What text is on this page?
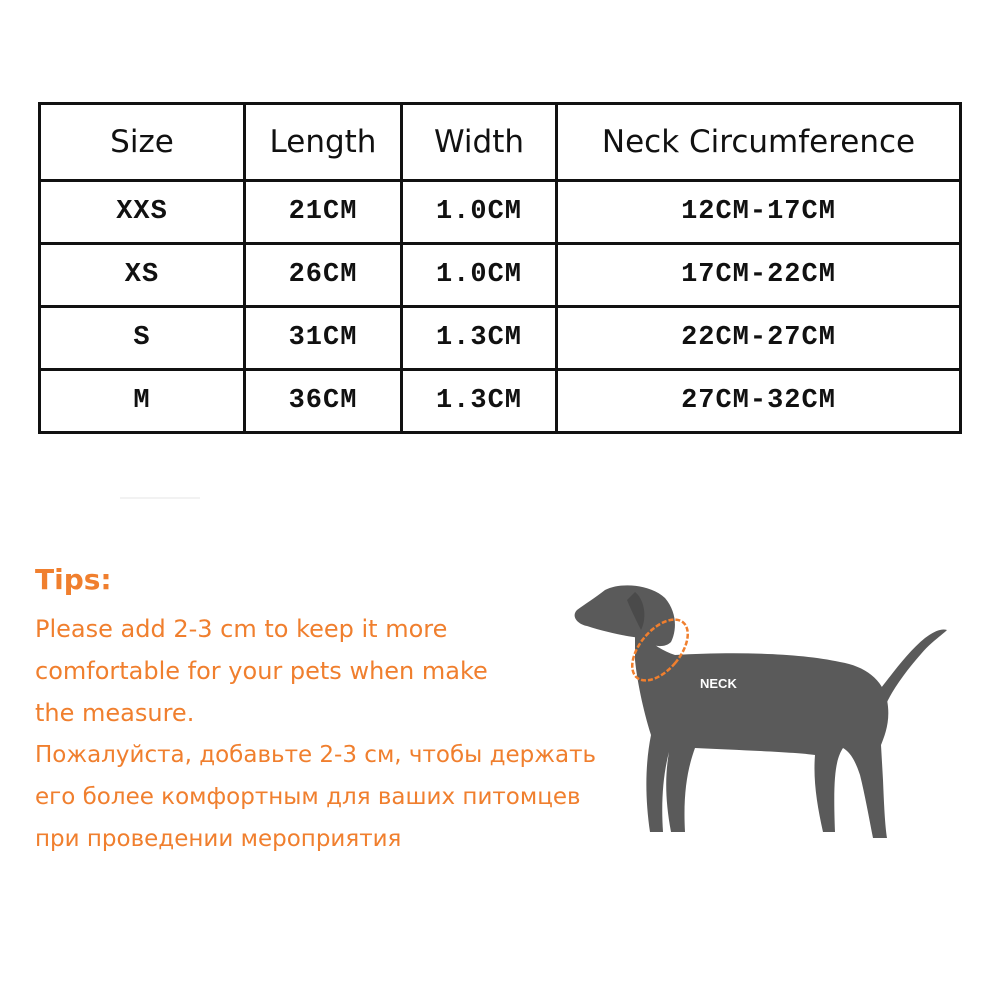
Size	Length	Width	Neck Circumference
XXS	21CM	1.0CM	12CM-17CM
XS	26CM	1.0CM	17CM-22CM
S	31CM	1.3CM	22CM-27CM
M	36CM	1.3CM	27CM-32CM

Tips:

Please add 2-3 cm to keep it more

comfortable for your pets when make

the measure.

Пожалуйста, добавьте 2-3 см, чтобы держать

его более комфортным для ваших питомцев

при проведении мероприятия

NECK
